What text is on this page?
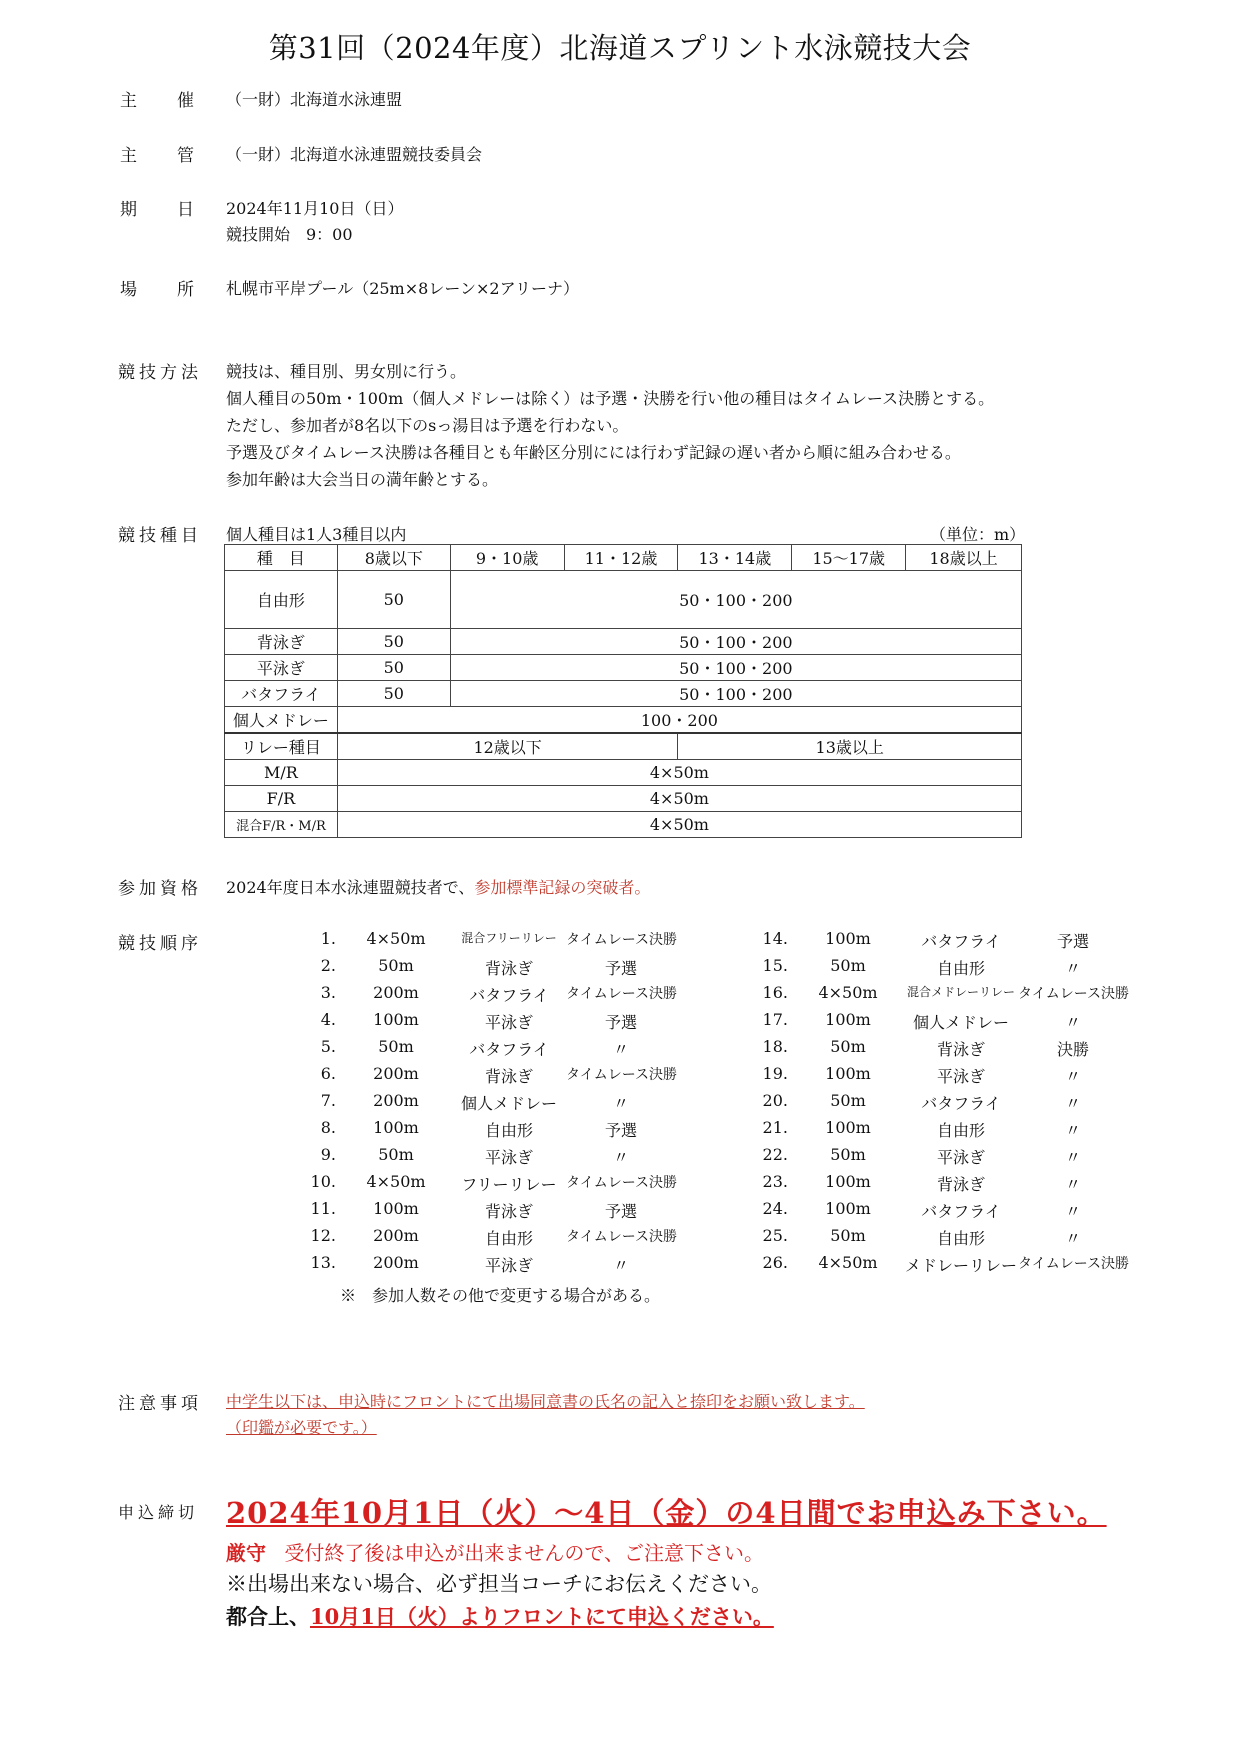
第31回（2024年度）北海道スプリント水泳競技大会
主　　催 （一財）北海道水泳連盟
主　　管 （一財）北海道水泳連盟競技委員会
期　　日 2024年11月10日（日）
競技開始　9：00
場　　所 札幌市平岸プール（25m×8レーン×2アリーナ）
競技方法 競技は、種目別、男女別に行う。
個人種目の50m・100m（個人メドレーは除く）は予選・決勝を行い他の種目はタイムレース決勝とする。
ただし、参加者が8名以下のsっ湯目は予選を行わない。
予選及びタイムレース決勝は各種目とも年齢区分別にには行わず記録の遅い者から順に組み合わせる。
参加年齢は大会当日の満年齢とする。
競技種目 個人種目は1人3種目以内	（単位：m）
種　目	8歳以下	9・10歳	11・12歳	13・14歳	15～17歳	18歳以上
自由形	50	50・100・200				
背泳ぎ	50	50・100・200				
平泳ぎ	50	50・100・200				
バタフライ	50	50・100・200				
個人メドレー	100・200					
リレー種目	12歳以下			13歳以上		
M/R	4×50m					
F/R	4×50m					
混合F/R・M/R	4×50m					
参加資格 2024年度日本水泳連盟競技者で、参加標準記録の突破者。
競技順序	1.	4×50m	混合フリーリレー タイムレース決勝
2.	50m	背泳ぎ	予選
3.	200m	バタフライ	タイムレース決勝
4.	100m	平泳ぎ	予選
5.	50m	バタフライ	〃
6.	200m	背泳ぎ	タイムレース決勝
7.	200m	個人メドレー	〃
8.	100m	自由形	予選
9.	50m	平泳ぎ	〃
10.	4×50m	フリーリレー タイムレース決勝
11.	100m	背泳ぎ	予選
12.	200m	自由形	タイムレース決勝
13.	200m	平泳ぎ	〃
14.	100m	バタフライ	予選
15.	50m	自由形	〃
16.	4×50m	混合メドレーリレー タイムレース決勝
17.	100m	個人メドレー	〃
18.	50m	背泳ぎ	決勝
19.	100m	平泳ぎ	〃
20.	50m	バタフライ	〃
21.	100m	自由形	〃
22.	50m	平泳ぎ	〃
23.	100m	背泳ぎ	〃
24.	100m	バタフライ	〃
25.	50m	自由形	〃
26.	4×50m	メドレーリレー タイムレース決勝
※　参加人数その他で変更する場合がある。
注意事項 中学生以下は、申込時にフロントにて出場同意書の氏名の記入と捺印をお願い致します。
（印鑑が必要です。）
申込締切 2024年10月1日（火）～4日（金）の4日間でお申込み下さい。
厳守 受付終了後は申込が出来ませんので、ご注意下さい。
※出場出来ない場合、必ず担当コーチにお伝えください。
都合上、10月1日（火）よりフロントにて申込ください。
